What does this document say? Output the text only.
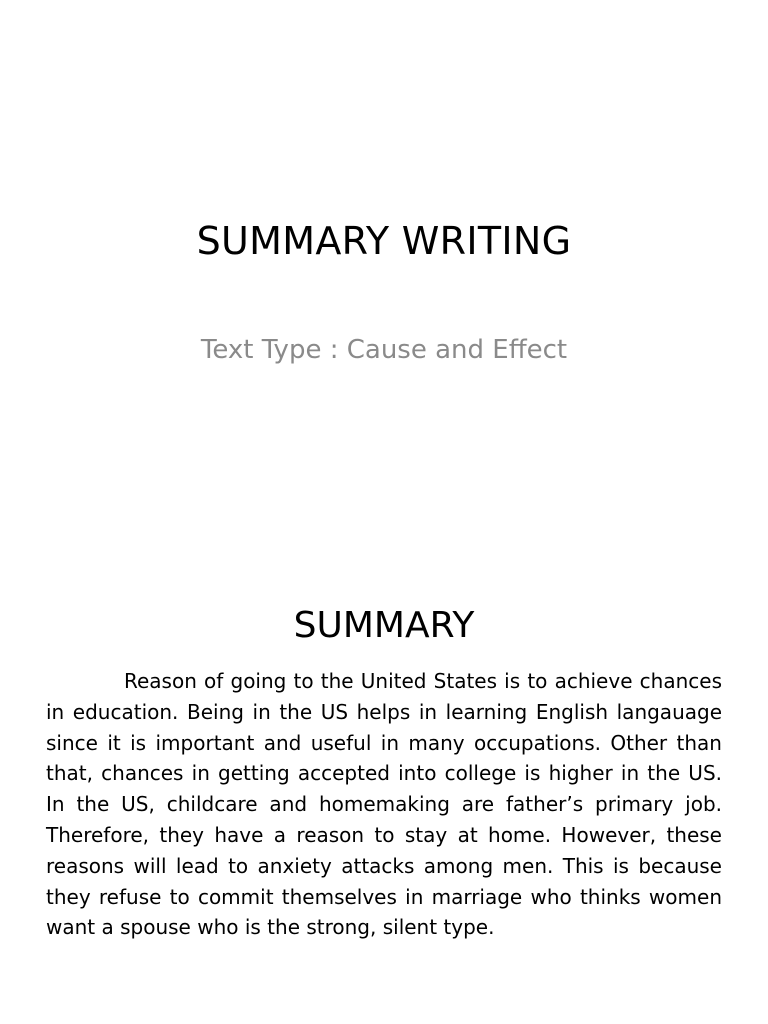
SUMMARY WRITING
Text Type : Cause and Effect
SUMMARY

Reason of going to the United States is to achieve chances in education. Being in the US helps in learning English langauage since it is important and useful in many occupations. Other than that, chances in getting accepted into college is higher in the US. In the US, childcare and homemaking are father’s primary job. Therefore, they have a reason to stay at home. However, these reasons will lead to anxiety attacks among men. This is because they refuse to commit themselves in marriage who thinks women want a spouse who is the strong, silent type.
